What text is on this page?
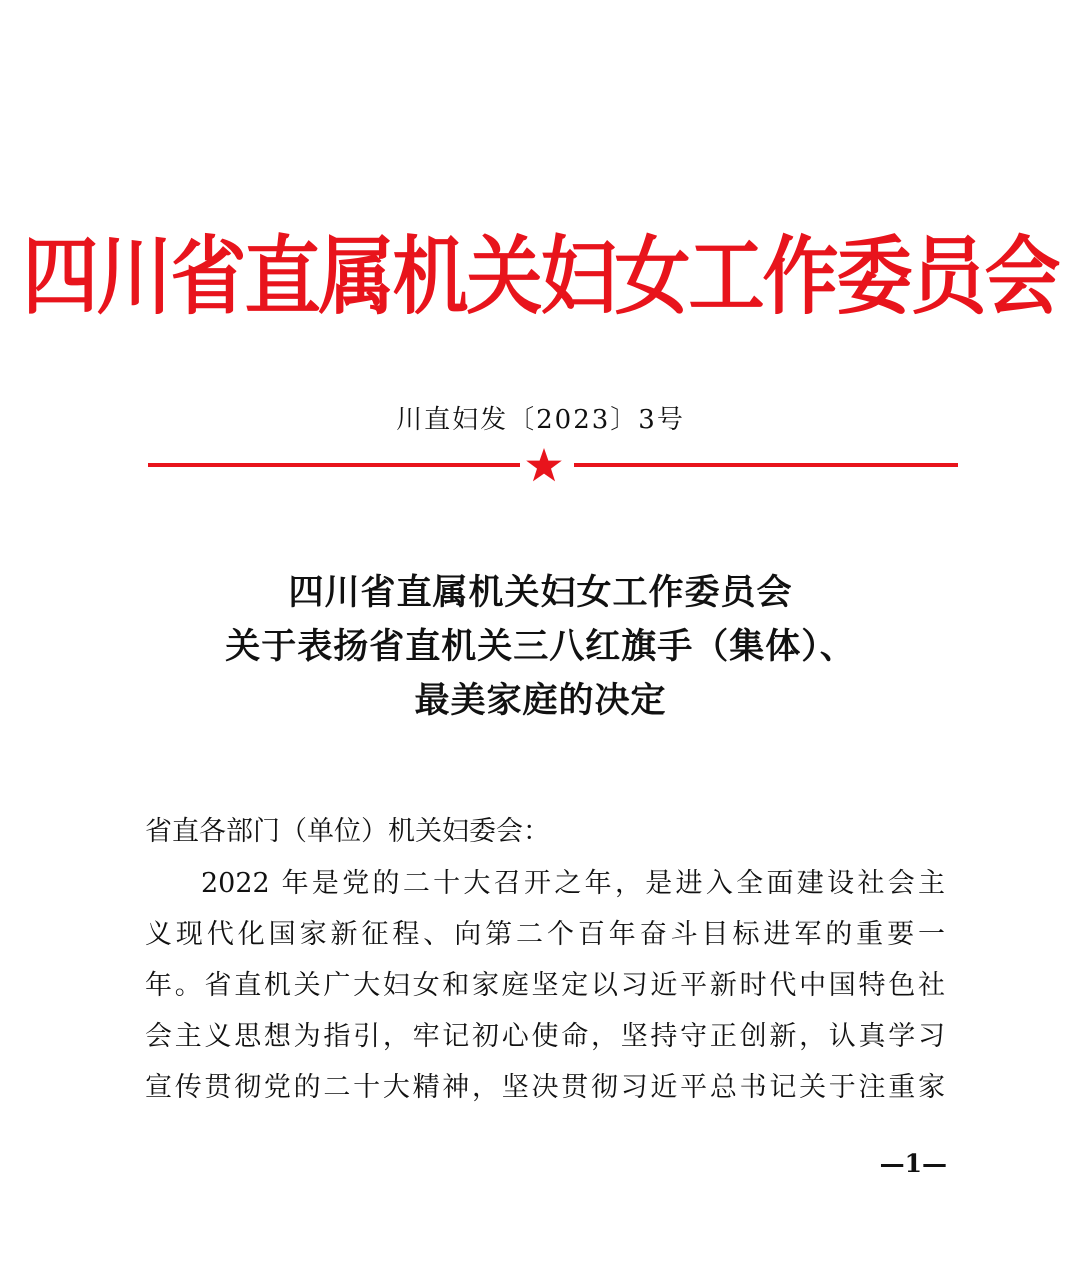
四川省直属机关妇女工作委员会
川直妇发〔2023〕3号
四川省直属机关妇女工作委员会
关于表扬省直机关三八红旗手（集体）、
最美家庭的决定
省直各部门（单位）机关妇委会：
2022 年是党的二十大召开之年，是进入全面建设社会主
义现代化国家新征程、向第二个百年奋斗目标进军的重要一
年。省直机关广大妇女和家庭坚定以习近平新时代中国特色社
会主义思想为指引，牢记初心使命，坚持守正创新，认真学习
宣传贯彻党的二十大精神，坚决贯彻习近平总书记关于注重家
—1—
